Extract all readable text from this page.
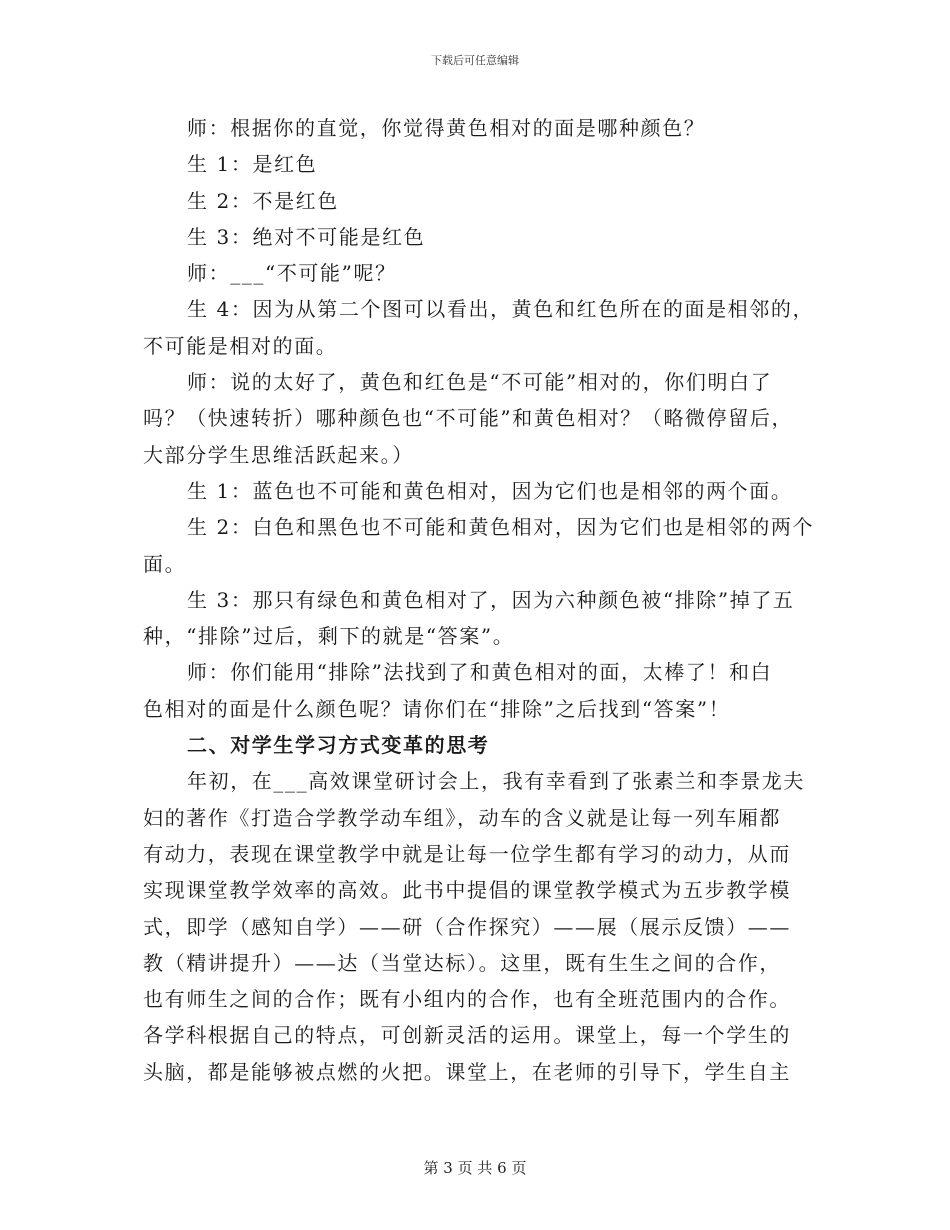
下载后可任意编辑

师：根据你的直觉，你觉得黄色相对的面是哪种颜色？

生 1：是红色

生 2：不是红色

生 3：绝对不可能是红色

师：___“不可能”呢？

生 4：因为从第二个图可以看出，黄色和红色所在的面是相邻的，

不可能是相对的面。

师：说的太好了，黄色和红色是“不可能”相对的，你们明白了

吗？（快速转折）哪种颜色也“不可能”和黄色相对？（略微停留后，

大部分学生思维活跃起来。）

生 1：蓝色也不可能和黄色相对，因为它们也是相邻的两个面。

生 2：白色和黑色也不可能和黄色相对，因为它们也是相邻的两个

面。

生 3：那只有绿色和黄色相对了，因为六种颜色被“排除”掉了五

种，“排除”过后，剩下的就是“答案”。

师：你们能用“排除”法找到了和黄色相对的面，太棒了！和白

色相对的面是什么颜色呢？请你们在“排除”之后找到“答案”！

二、对学生学习方式变革的思考

年初，在___高效课堂研讨会上，我有幸看到了张素兰和李景龙夫

妇的著作《打造合学教学动车组》，动车的含义就是让每一列车厢都

有动力，表现在课堂教学中就是让每一位学生都有学习的动力，从而

实现课堂教学效率的高效。此书中提倡的课堂教学模式为五步教学模

式，即学（感知自学）——研（合作探究）——展（展示反馈）——

教（精讲提升）——达（当堂达标）。这里，既有生生之间的合作，

也有师生之间的合作；既有小组内的合作，也有全班范围内的合作。

各学科根据自己的特点，可创新灵活的运用。课堂上，每一个学生的

头脑，都是能够被点燃的火把。课堂上，在老师的引导下，学生自主

第 3 页 共 6 页
